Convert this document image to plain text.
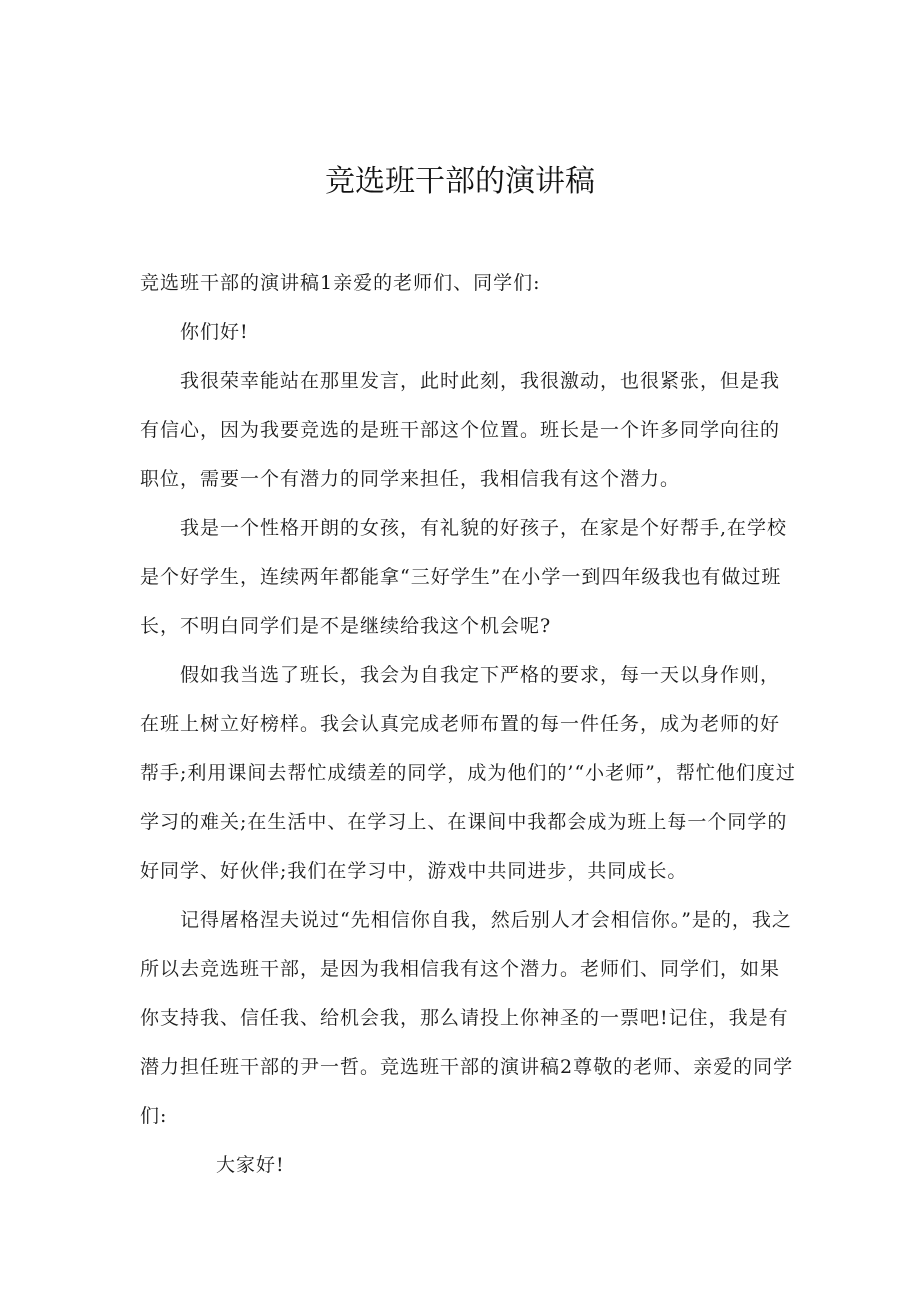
竞选班干部的演讲稿

竞选班干部的演讲稿1亲爱的老师们、同学们:

你们好!

我很荣幸能站在那里发言，此时此刻，我很激动，也很紧张，但是我有信心，因为我要竞选的是班干部这个位置。班长是一个许多同学向往的职位，需要一个有潜力的同学来担任，我相信我有这个潜力。

我是一个性格开朗的女孩，有礼貌的好孩子，在家是个好帮手,在学校是个好学生，连续两年都能拿“三好学生”在小学一到四年级我也有做过班长，不明白同学们是不是继续给我这个机会呢?

假如我当选了班长，我会为自我定下严格的要求，每一天以身作则，在班上树立好榜样。我会认真完成老师布置的每一件任务，成为老师的好帮手;利用课间去帮忙成绩差的同学，成为他们的’“小老师”，帮忙他们度过学习的难关;在生活中、在学习上、在课间中我都会成为班上每一个同学的好同学、好伙伴;我们在学习中，游戏中共同进步，共同成长。

记得屠格涅夫说过“先相信你自我，然后别人才会相信你。”是的，我之所以去竞选班干部，是因为我相信我有这个潜力。老师们、同学们，如果你支持我、信任我、给机会我，那么请投上你神圣的一票吧!记住，我是有潜力担任班干部的尹一哲。竞选班干部的演讲稿2尊敬的老师、亲爱的同学们:

大家好!
